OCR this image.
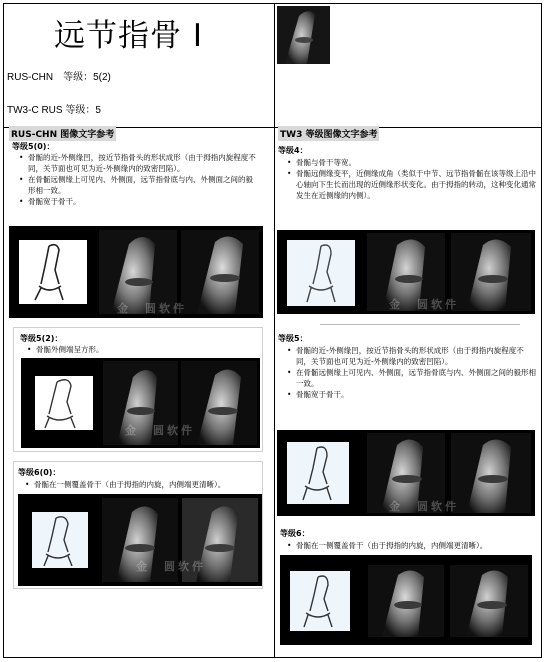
远节指骨 I
RUS-CHN　等级：5(2)
TW3-C RUS 等级：5
RUS-CHN 图像文字参考
等级5(0)：
• 骨骺的近-外侧缘凹，按近节指骨头的形状成形（由于拇指内旋程度不同，关节面也可见为近-外侧缘内的致密凹陷）。
• 在骨骺远侧缘上可见内、外侧面，远节指骨底与内、外侧面之间的毅形相一致。
• 骨骺宽于骨干。
金　圆软件
等级5(2)：
• 骨骺外侧端呈方形。
金　圆软件
等级6(0)：
• 骨骺在一侧覆盖骨干（由于拇指的内旋，内侧端更清晰）。
金　圆软件
TW3 等级图像文字参考
等级4：
• 骨骺与骨干等宽。
• 骨骺远侧缘变平，近侧缘成角（类似于中节、远节指骨骺在该等级上沿中心轴向下生长而出现的近侧缘形状变化。由于拇指的转动，这种变化通常发生在近侧缘的内侧）。
金　圆软件
等级5：
• 骨骺的近-外侧缘凹，按近节指骨头的形状成形（由于拇指内旋程度不同，关节面也可见为近-外侧缘内的致密凹陷）。
• 在骨骺远侧缘上可见内、外侧面，远节指骨底与内、外侧面之间的毅形相一致。
• 骨骺宽于骨干。
金　圆软件
等级6：
• 骨骺在一侧覆盖骨干（由于拇指的内旋，内侧端更清晰）。
